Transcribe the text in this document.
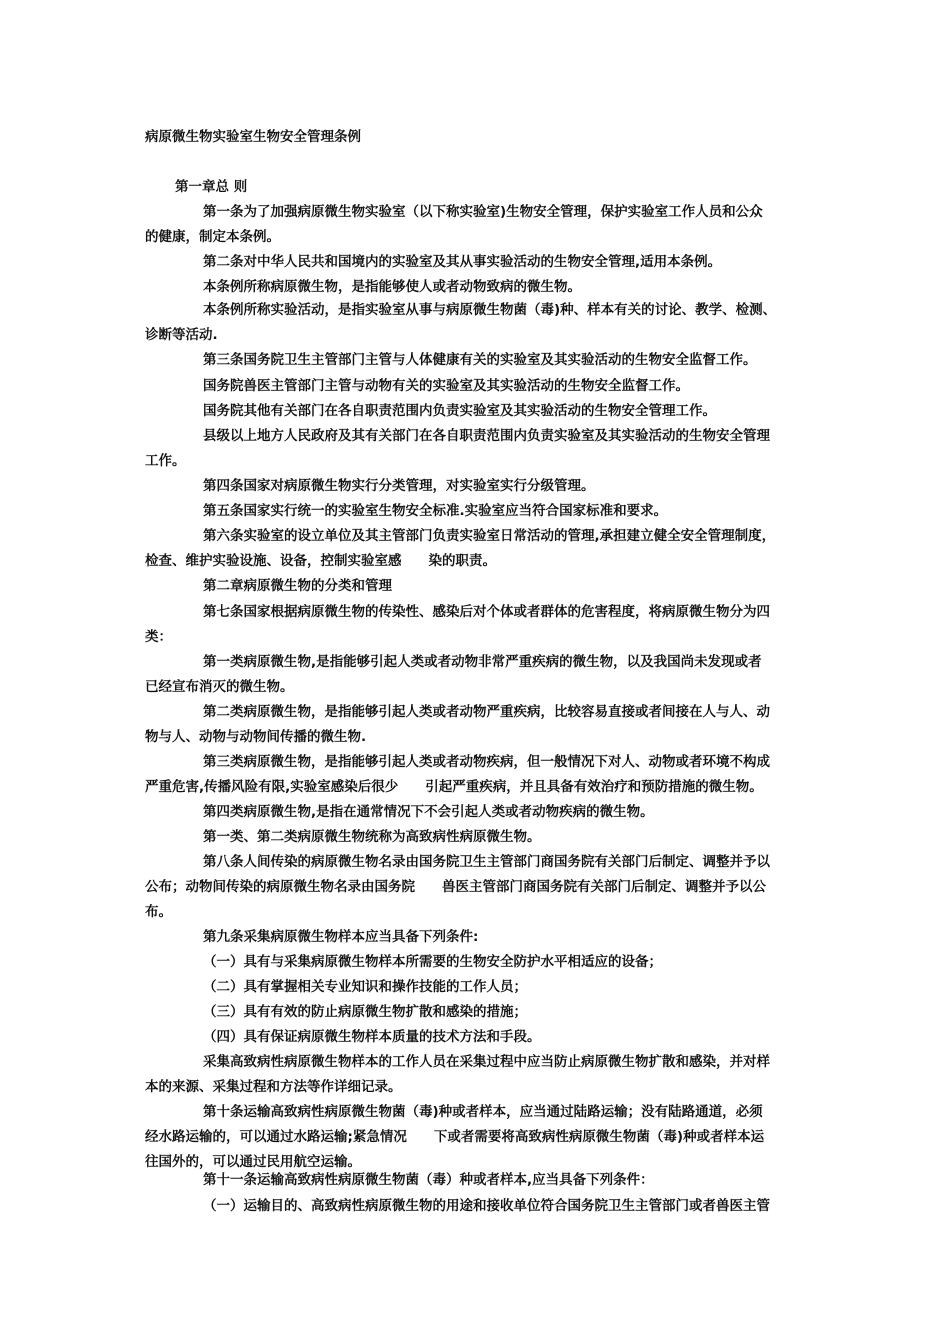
病原微生物实验室生物安全管理条例
第一章总 则
第一条为了加强病原微生物实验室（以下称实验室)生物安全管理，保护实验室工作人员和公众
的健康，制定本条例。
第二条对中华人民共和国境内的实验室及其从事实验活动的生物安全管理,适用本条例。
本条例所称病原微生物，是指能够使人或者动物致病的微生物。
本条例所称实验活动，是指实验室从事与病原微生物菌（毒)种、样本有关的讨论、教学、检测、
诊断等活动.
第三条国务院卫生主管部门主管与人体健康有关的实验室及其实验活动的生物安全监督工作。
国务院兽医主管部门主管与动物有关的实验室及其实验活动的生物安全监督工作。
国务院其他有关部门在各自职责范围内负责实验室及其实验活动的生物安全管理工作。
县级以上地方人民政府及其有关部门在各自职责范围内负责实验室及其实验活动的生物安全管理
工作。
第四条国家对病原微生物实行分类管理，对实验室实行分级管理。
第五条国家实行统一的实验室生物安全标准.实验室应当符合国家标准和要求。
第六条实验室的设立单位及其主管部门负责实验室日常活动的管理,承担建立健全安全管理制度，
检查、维护实验设施、设备，控制实验室感　　染的职责。
第二章病原微生物的分类和管理
第七条国家根据病原微生物的传染性、感染后对个体或者群体的危害程度，将病原微生物分为四
类：
第一类病原微生物,是指能够引起人类或者动物非常严重疾病的微生物，以及我国尚未发现或者
已经宣布消灭的微生物。
第二类病原微生物，是指能够引起人类或者动物严重疾病，比较容易直接或者间接在人与人、动
物与人、动物与动物间传播的微生物.
第三类病原微生物，是指能够引起人类或者动物疾病，但一般情况下对人、动物或者环境不构成
严重危害,传播风险有限,实验室感染后很少　　引起严重疾病，并且具备有效治疗和预防措施的微生物。
第四类病原微生物,是指在通常情况下不会引起人类或者动物疾病的微生物。
第一类、第二类病原微生物统称为高致病性病原微生物。
第八条人间传染的病原微生物名录由国务院卫生主管部门商国务院有关部门后制定、调整并予以
公布；动物间传染的病原微生物名录由国务院　　兽医主管部门商国务院有关部门后制定、调整并予以公
布。
第九条采集病原微生物样本应当具备下列条件:
（一）具有与采集病原微生物样本所需要的生物安全防护水平相适应的设备；
（二）具有掌握相关专业知识和操作技能的工作人员；
（三）具有有效的防止病原微生物扩散和感染的措施；
（四）具有保证病原微生物样本质量的技术方法和手段。
采集高致病性病原微生物样本的工作人员在采集过程中应当防止病原微生物扩散和感染，并对样
本的来源、采集过程和方法等作详细记录。
第十条运输高致病性病原微生物菌（毒)种或者样本，应当通过陆路运输；没有陆路通道，必须
经水路运输的，可以通过水路运输;紧急情况　　下或者需要将高致病性病原微生物菌（毒)种或者样本运
往国外的，可以通过民用航空运输。
第十一条运输高致病性病原微生物菌（毒）种或者样本,应当具备下列条件：
（一）运输目的、高致病性病原微生物的用途和接收单位符合国务院卫生主管部门或者兽医主管
